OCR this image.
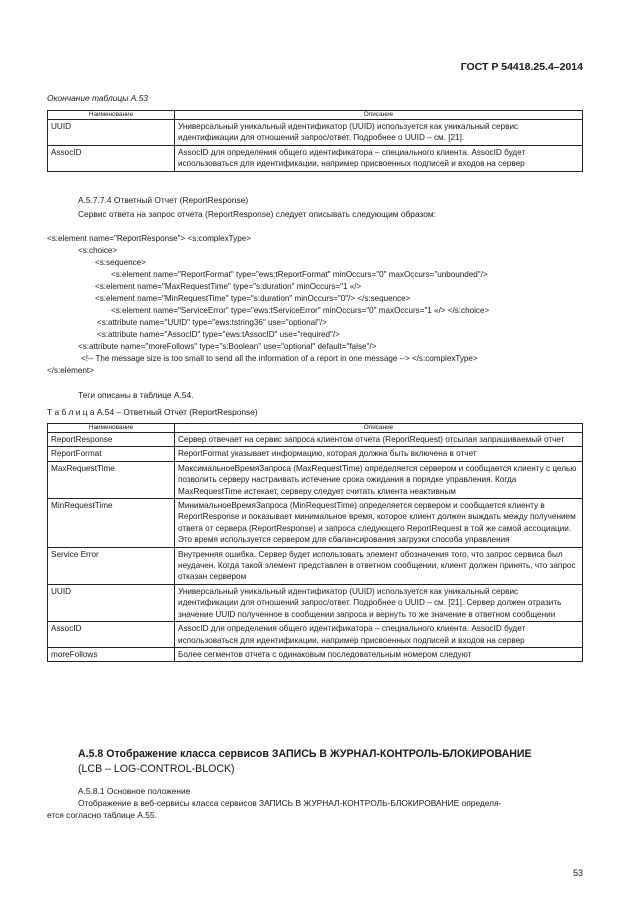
ГОСТ Р 54418.25.4–2014
Окончание таблицы А.53
Наименование	Описание
UUID	Универсальный уникальный идентификатор (UUID) используется как уникальный сервис идентификации для отношений запрос/ответ. Подробнее о UUID – см. [21].
AssocID	AssocID для определения общего идентификатора – специального клиента. AssocID будет использоваться для идентификации, например присвоенных подписей и входов на сервер
А.5.7.7.4 Ответный Отчет (ReportResponse)
Сервис ответа на запрос отчета (ReportResponse) следует описывать следующим образом:
<s:element name="ReportResponse"> <s:complexType>
<s:choice>
<s:sequence>
<s:element name="ReportFormat" type="ews:tReportFormat" minOccurs="0" maxOccurs="unbounded"/>
<s:element name="MaxRequestTime" type="s:duration" minOccurs="1 «/>
<s:element name="MinRequestTime" type="s:duration" minOccurs="0"/> </s:sequence>
<s:element name="ServiceError" type="ews:tServiceError" minOccurs="0" maxOccurs="1 «/> </s:choice>
<s:attribute name="UUID" type="ews:tstring36" use="optional"/>
<s:attribute name="AssocID" type="ews:tAssocID" use="required"/>
<s:attribute name="moreFollows" type="s:Boolean" use="optional" default="false"/>
<!-- The message size is too small to send all the information of a report in one message --> </s:complexType>
</s:element>
Теги описаны в таблице А.54.
Т а б л и ц а А.54 – Ответный Отчет (ReportResponse)
Наименование	Описание
ReportResponse	Сервер отвечает на сервис запроса клиентом отчета (ReportRequest) отсылая запрашиваемый отчет
ReportFormat	ReportFormat указывает информацию, которая должна быть включена в отчет
MaxRequestTime	МаксимальноеВремяЗапроса (MaxRequestTime) определяется сервером и сообщается клиенту с целью позволить серверу настраивать истечение срока ожидания в порядке управления. Когда MaxRequestTime истекает, серверу следует считать клиента неактивным
MinRequestTime	МинимальноеВремяЗапроса (MinRequestTime) определяется сервером и сообщается клиенту в ReportResponse и показывает минимальное время, которое клиент должен выждать между получением ответа от сервера (ReportResponse) и запроса следующего ReportRequest в той же самой ассоциации. Это время используется сервером для сбалансирования загрузки способа управления
Service Error	Внутренняя ошибка. Сервер будет использовать элемент обозначения того, что запрос сервиса был неудачен. Когда такой элемент представлен в ответном сообщении, клиент должен принять, что запрос отказан сервером
UUID	Универсальный уникальный идентификатор (UUID) используется как уникальный сервис идентификации для отношений запрос/ответ. Подробнее о UUID – см. [21]. Сервер должен отразить значение UUID полученное в сообщении запроса и вернуть то же значение в ответном сообщении
AssocID	AssocID для определения общего идентификатора – специального клиента. AssocID будет использоваться для идентификации, например присвоенных подписей и входов на сервер
moreFollows	Более сегментов отчета с одинаковым последовательным номером следуют
А.5.8 Отображение класса сервисов ЗАПИСЬ В ЖУРНАЛ-КОНТРОЛЬ-БЛОКИРОВАНИЕ
(LCB – LOG-CONTROL-BLOCK)
А.5.8.1 Основное положение
Отображение в веб-сервисы класса сервисов ЗАПИСЬ В ЖУРНАЛ-КОНТРОЛЬ-БЛОКИРОВАНИЕ определя-
ется согласно таблице А.55.
53
